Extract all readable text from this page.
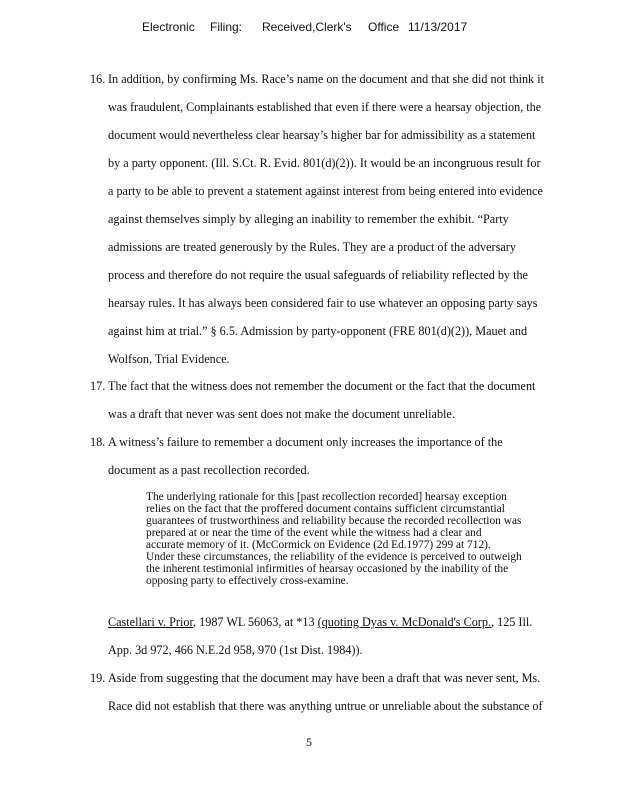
Electronic Filing: Received,Clerk's Office 11/13/2017
16. In addition, by confirming Ms. Race’s name on the document and that she did not think it
was fraudulent, Complainants established that even if there were a hearsay objection, the
document would nevertheless clear hearsay’s higher bar for admissibility as a statement
by a party opponent. (Ill. S.Ct. R. Evid. 801(d)(2)). It would be an incongruous result for
a party to be able to prevent a statement against interest from being entered into evidence
against themselves simply by alleging an inability to remember the exhibit. “Party
admissions are treated generously by the Rules. They are a product of the adversary
process and therefore do not require the usual safeguards of reliability reflected by the
hearsay rules. It has always been considered fair to use whatever an opposing party says
against him at trial.” § 6.5. Admission by party-opponent (FRE 801(d)(2)), Mauet and
Wolfson, Trial Evidence.
17. The fact that the witness does not remember the document or the fact that the document
was a draft that never was sent does not make the document unreliable.
18. A witness’s failure to remember a document only increases the importance of the
document as a past recollection recorded.
The underlying rationale for this [past recollection recorded] hearsay exception
relies on the fact that the proffered document contains sufficient circumstantial
guarantees of trustworthiness and reliability because the recorded recollection was
prepared at or near the time of the event while the witness had a clear and
accurate memory of it. (McCormick on Evidence (2d Ed.1977) 299 at 712).
Under these circumstances, the reliability of the evidence is perceived to outweigh
the inherent testimonial infirmities of hearsay occasioned by the inability of the
opposing party to effectively cross-examine.
Castellari v. Prior, 1987 WL 56063, at *13 (quoting Dyas v. McDonald's Corp., 125 Ill.
App. 3d 972, 466 N.E.2d 958, 970 (1st Dist. 1984)).
19. Aside from suggesting that the document may have been a draft that was never sent, Ms.
Race did not establish that there was anything untrue or unreliable about the substance of
5
